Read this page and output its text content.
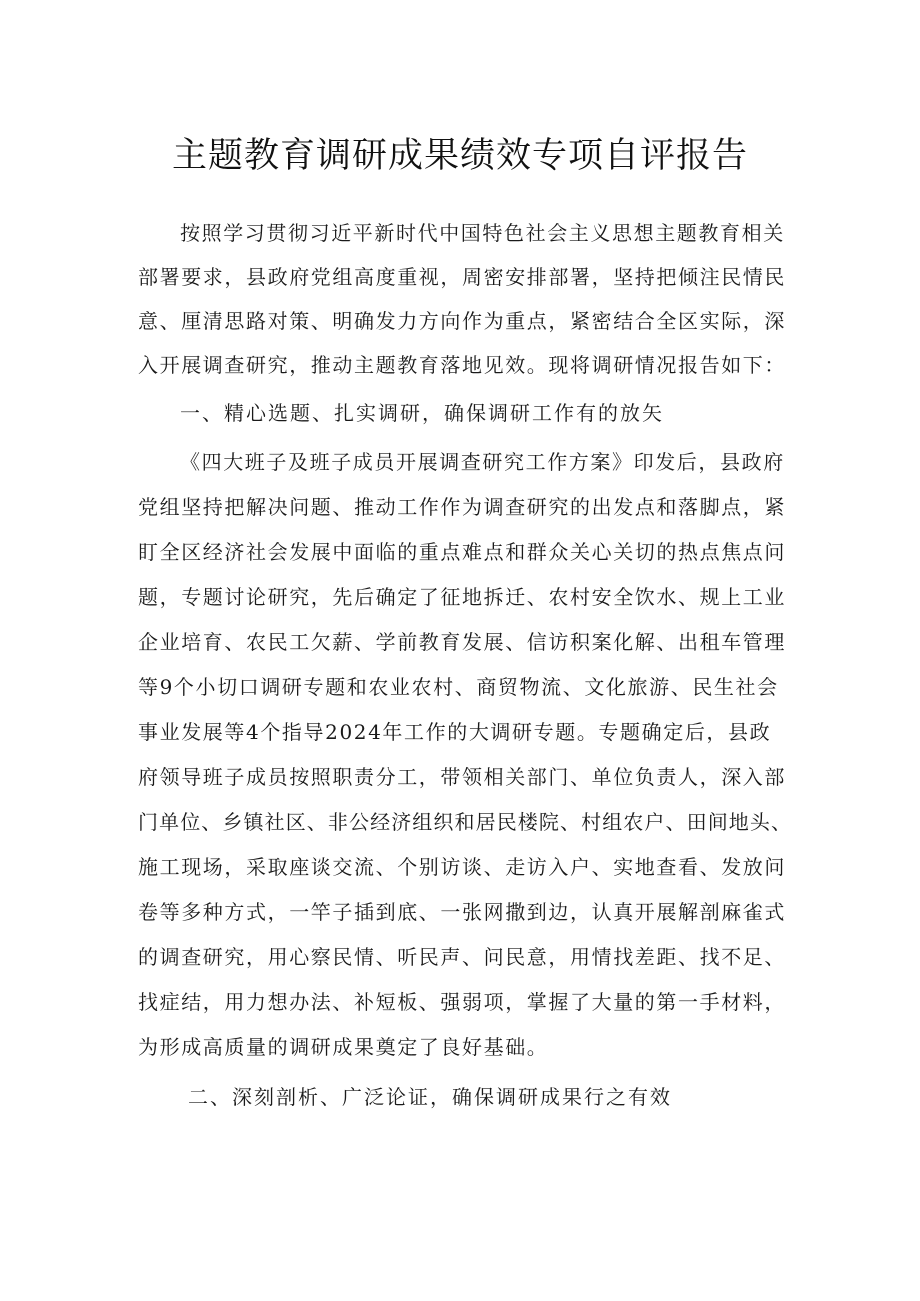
主题教育调研成果绩效专项自评报告
按照学习贯彻习近平新时代中国特色社会主义思想主题教育相关
部署要求，县政府党组高度重视，周密安排部署，坚持把倾注民情民
意、厘清思路对策、明确发力方向作为重点，紧密结合全区实际，深
入开展调查研究，推动主题教育落地见效。现将调研情况报告如下：
一、精心选题、扎实调研，确保调研工作有的放矢
《四大班子及班子成员开展调查研究工作方案》印发后，县政府
党组坚持把解决问题、推动工作作为调查研究的出发点和落脚点，紧
盯全区经济社会发展中面临的重点难点和群众关心关切的热点焦点问
题，专题讨论研究，先后确定了征地拆迁、农村安全饮水、规上工业
企业培育、农民工欠薪、学前教育发展、信访积案化解、出租车管理
等9个小切口调研专题和农业农村、商贸物流、文化旅游、民生社会
事业发展等4个指导2024年工作的大调研专题。专题确定后，县政
府领导班子成员按照职责分工，带领相关部门、单位负责人，深入部
门单位、乡镇社区、非公经济组织和居民楼院、村组农户、田间地头、
施工现场，采取座谈交流、个别访谈、走访入户、实地查看、发放问
卷等多种方式，一竿子插到底、一张网撒到边，认真开展解剖麻雀式
的调查研究，用心察民情、听民声、问民意，用情找差距、找不足、
找症结，用力想办法、补短板、强弱项，掌握了大量的第一手材料，
为形成高质量的调研成果奠定了良好基础。
二、深刻剖析、广泛论证，确保调研成果行之有效
